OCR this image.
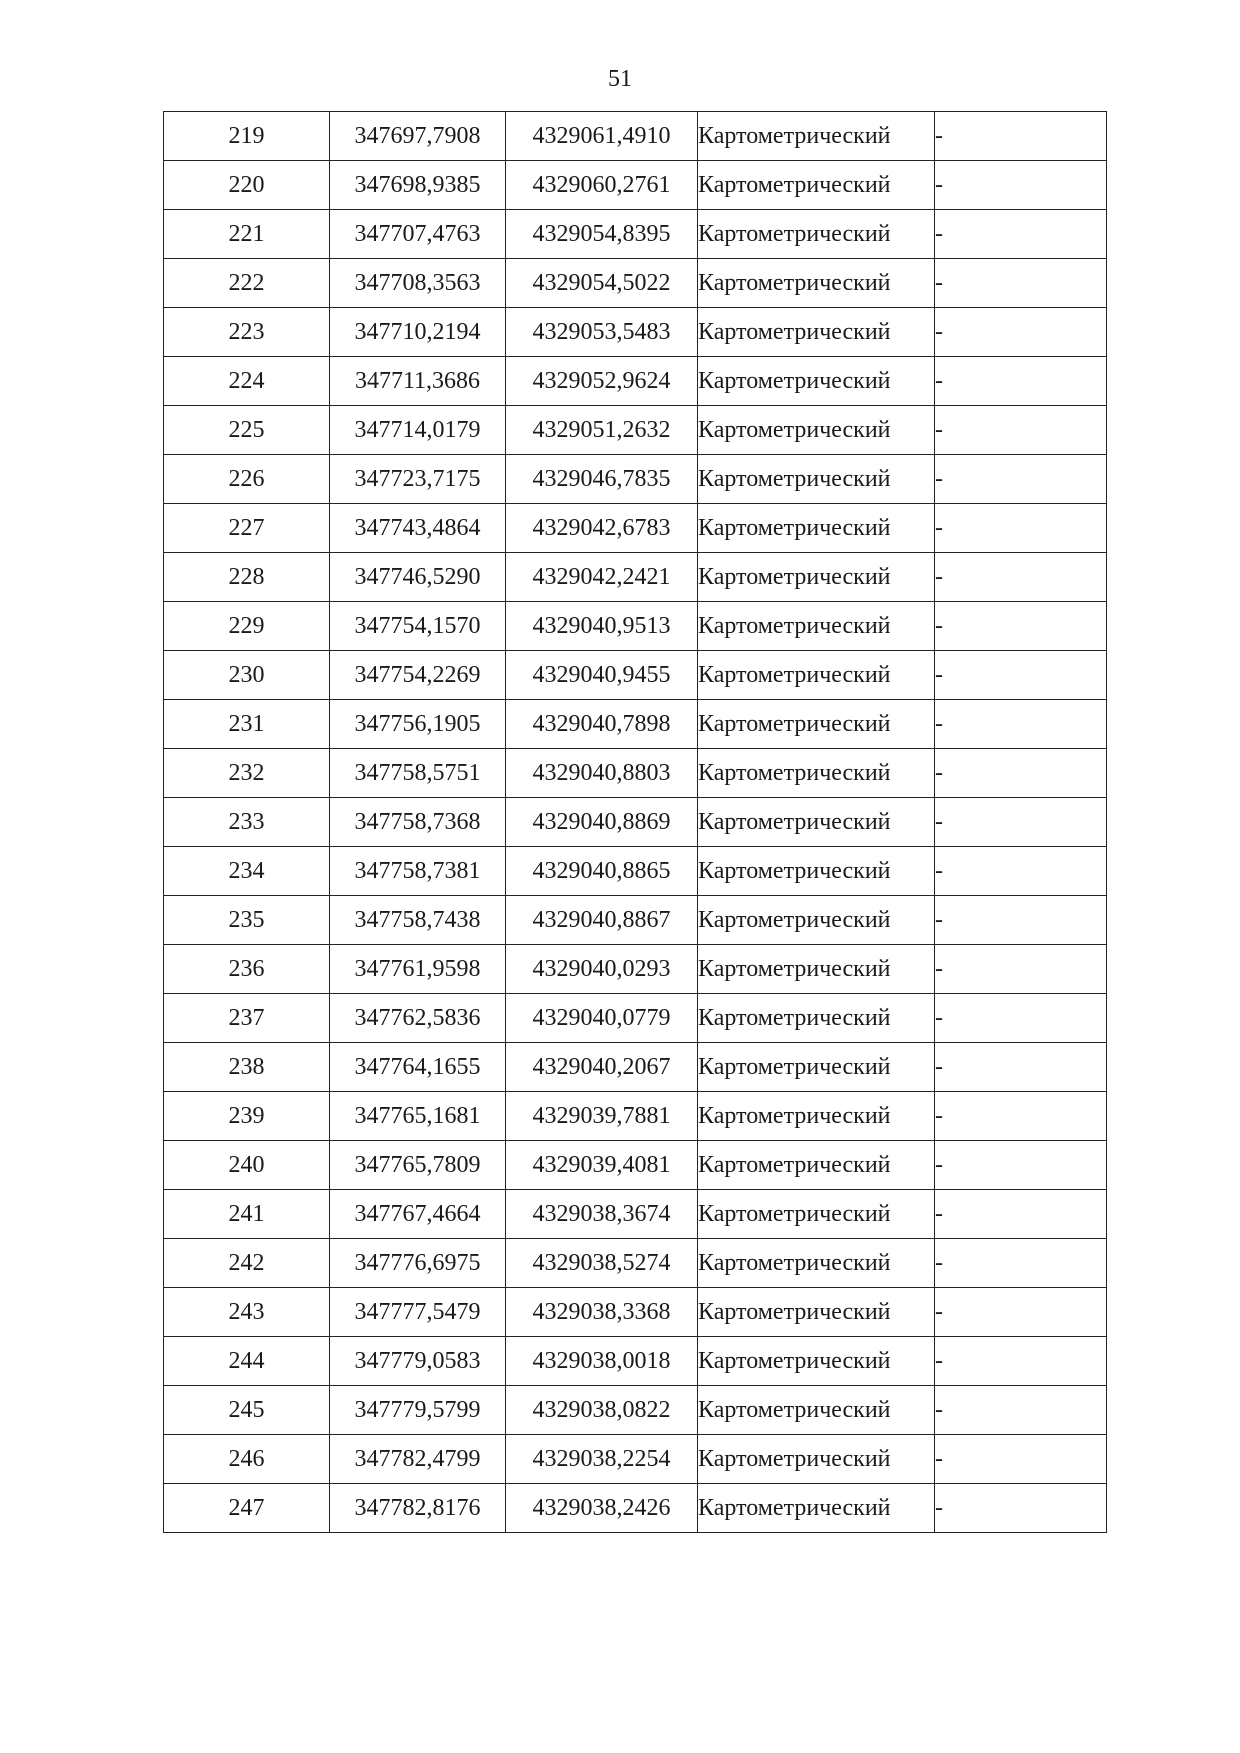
51
219	347697,7908	4329061,4910	Картометрический	-
220	347698,9385	4329060,2761	Картометрический	-
221	347707,4763	4329054,8395	Картометрический	-
222	347708,3563	4329054,5022	Картометрический	-
223	347710,2194	4329053,5483	Картометрический	-
224	347711,3686	4329052,9624	Картометрический	-
225	347714,0179	4329051,2632	Картометрический	-
226	347723,7175	4329046,7835	Картометрический	-
227	347743,4864	4329042,6783	Картометрический	-
228	347746,5290	4329042,2421	Картометрический	-
229	347754,1570	4329040,9513	Картометрический	-
230	347754,2269	4329040,9455	Картометрический	-
231	347756,1905	4329040,7898	Картометрический	-
232	347758,5751	4329040,8803	Картометрический	-
233	347758,7368	4329040,8869	Картометрический	-
234	347758,7381	4329040,8865	Картометрический	-
235	347758,7438	4329040,8867	Картометрический	-
236	347761,9598	4329040,0293	Картометрический	-
237	347762,5836	4329040,0779	Картометрический	-
238	347764,1655	4329040,2067	Картометрический	-
239	347765,1681	4329039,7881	Картометрический	-
240	347765,7809	4329039,4081	Картометрический	-
241	347767,4664	4329038,3674	Картометрический	-
242	347776,6975	4329038,5274	Картометрический	-
243	347777,5479	4329038,3368	Картометрический	-
244	347779,0583	4329038,0018	Картометрический	-
245	347779,5799	4329038,0822	Картометрический	-
246	347782,4799	4329038,2254	Картометрический	-
247	347782,8176	4329038,2426	Картометрический	-
